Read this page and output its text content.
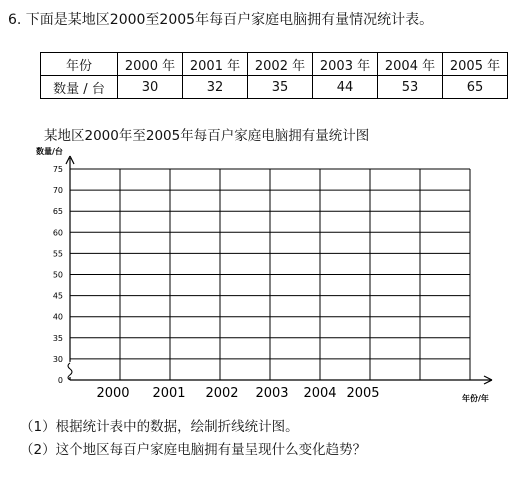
6. 下面是某地区2000至2005年每百户家庭电脑拥有量情况统计表。
年份	2000 年	2001 年	2002 年	2003 年	2004 年	2005 年
数量 / 台	30	32	35	44	53	65
某地区2000年至2005年每百户家庭电脑拥有量统计图
0
30
35
40
45
50
55
60
65
70
75
数量/台
年份/年
2000 2001 2002 2003 2004 2005
（1）根据统计表中的数据，绘制折线统计图。
（2）这个地区每百户家庭电脑拥有量呈现什么变化趋势？
